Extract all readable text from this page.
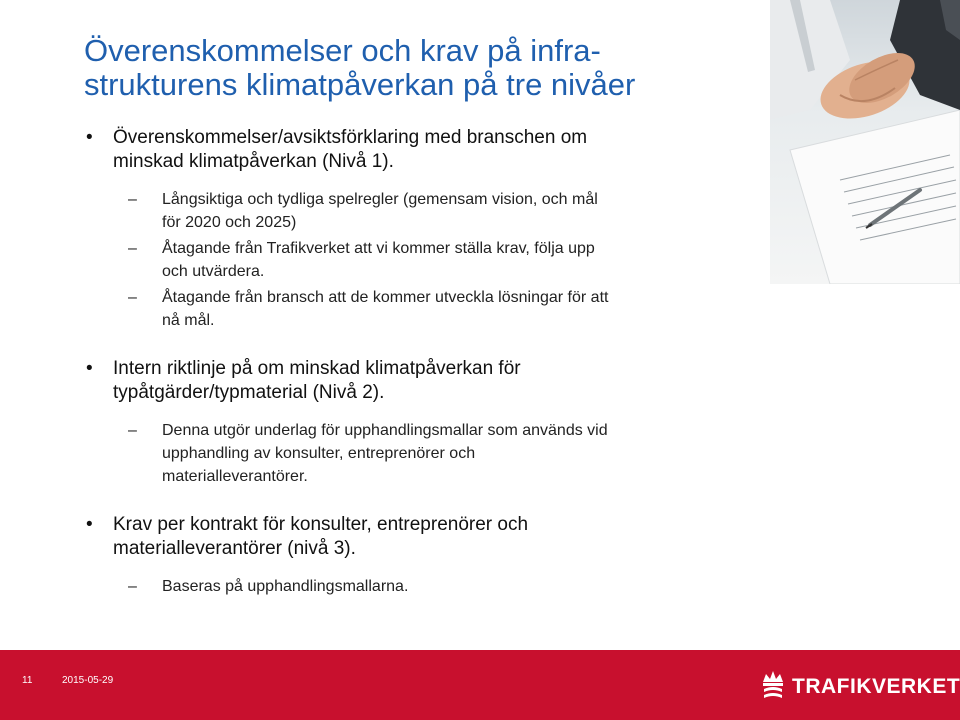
Överenskommelser och krav på infra-
strukturens klimatpåverkan på tre nivåer
• Överenskommelser/avsiktsförklaring med branschen om
minskad klimatpåverkan (Nivå 1).
– Långsiktiga och tydliga spelregler (gemensam vision, och mål
för 2020 och 2025)
– Åtagande från Trafikverket att vi kommer ställa krav, följa upp
och utvärdera.
– Åtagande från bransch att de kommer utveckla lösningar för att
nå mål.
• Intern riktlinje på om minskad klimatpåverkan för
typåtgärder/typmaterial (Nivå 2).
– Denna utgör underlag för upphandlingsmallar som används vid
upphandling av konsulter, entreprenörer och
materialleverantörer.
• Krav per kontrakt för konsulter, entreprenörer och
materialleverantörer (nivå 3).
– Baseras på upphandlingsmallarna.
11	2015-05-29	TRAFIKVERKET
